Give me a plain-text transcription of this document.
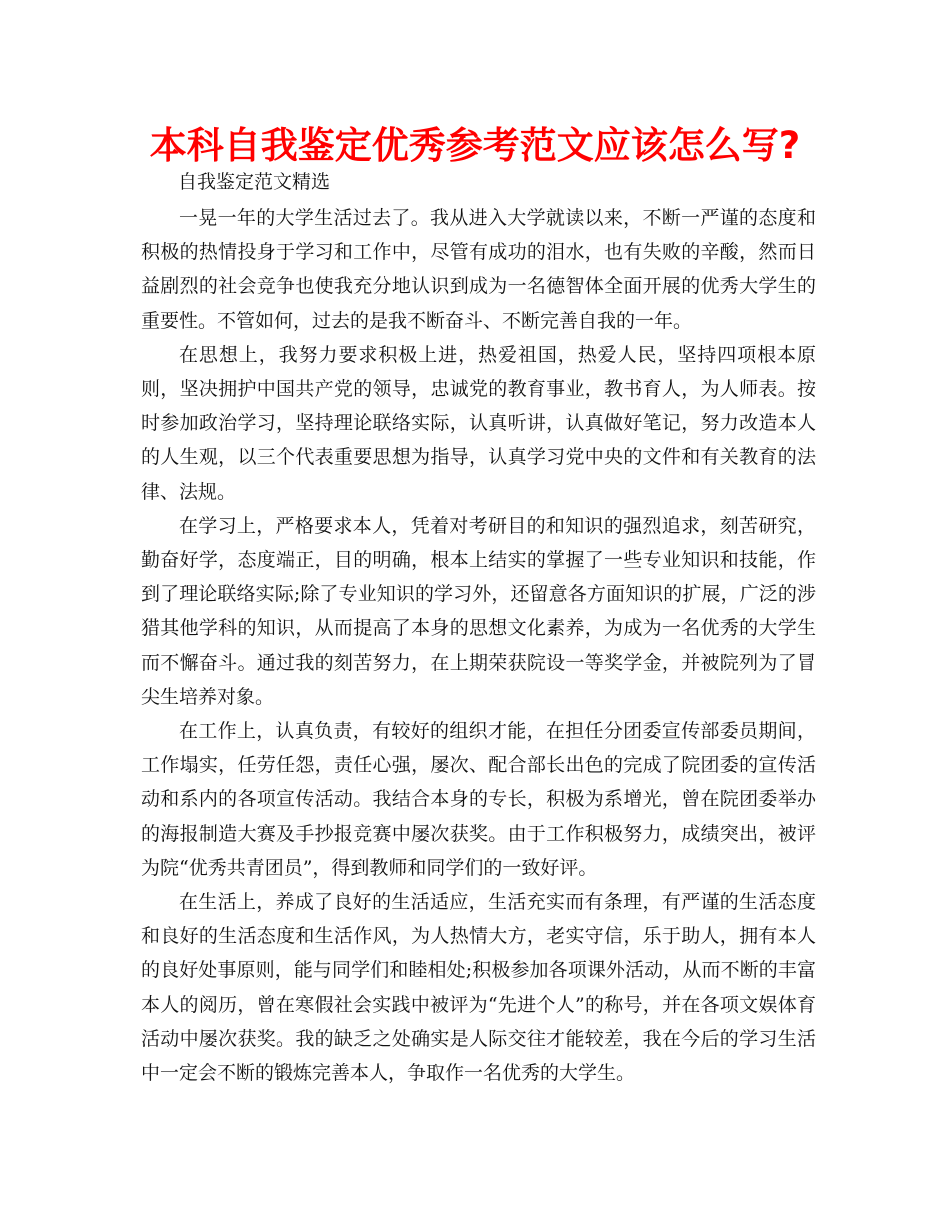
本科自我鉴定优秀参考范文应该怎么写?
自我鉴定范文精选

一晃一年的大学生活过去了。我从进入大学就读以来，不断一严谨的态度和积极的热情投身于学习和工作中，尽管有成功的泪水，也有失败的辛酸，然而日益剧烈的社会竞争也使我充分地认识到成为一名德智体全面开展的优秀大学生的重要性。不管如何，过去的是我不断奋斗、不断完善自我的一年。

在思想上，我努力要求积极上进，热爱祖国，热爱人民，坚持四项根本原则，坚决拥护中国共产党的领导，忠诚党的教育事业，教书育人，为人师表。按时参加政治学习，坚持理论联络实际，认真听讲，认真做好笔记，努力改造本人的人生观，以三个代表重要思想为指导，认真学习党中央的文件和有关教育的法律、法规。

在学习上，严格要求本人，凭着对考研目的和知识的强烈追求，刻苦研究，勤奋好学，态度端正，目的明确，根本上结实的掌握了一些专业知识和技能，作到了理论联络实际;除了专业知识的学习外，还留意各方面知识的扩展，广泛的涉猎其他学科的知识，从而提高了本身的思想文化素养，为成为一名优秀的大学生而不懈奋斗。通过我的刻苦努力，在上期荣获院设一等奖学金，并被院列为了冒尖生培养对象。

在工作上，认真负责，有较好的组织才能，在担任分团委宣传部委员期间，工作塌实，任劳任怨，责任心强，屡次、配合部长出色的完成了院团委的宣传活动和系内的各项宣传活动。我结合本身的专长，积极为系增光，曾在院团委举办的海报制造大赛及手抄报竞赛中屡次获奖。由于工作积极努力，成绩突出，被评为院“优秀共青团员”，得到教师和同学们的一致好评。

在生活上，养成了良好的生活适应，生活充实而有条理，有严谨的生活态度和良好的生活态度和生活作风，为人热情大方，老实守信，乐于助人，拥有本人的良好处事原则，能与同学们和睦相处;积极参加各项课外活动，从而不断的丰富本人的阅历，曾在寒假社会实践中被评为“先进个人”的称号，并在各项文娱体育活动中屡次获奖。我的缺乏之处确实是人际交往才能较差，我在今后的学习生活中一定会不断的锻炼完善本人，争取作一名优秀的大学生。
